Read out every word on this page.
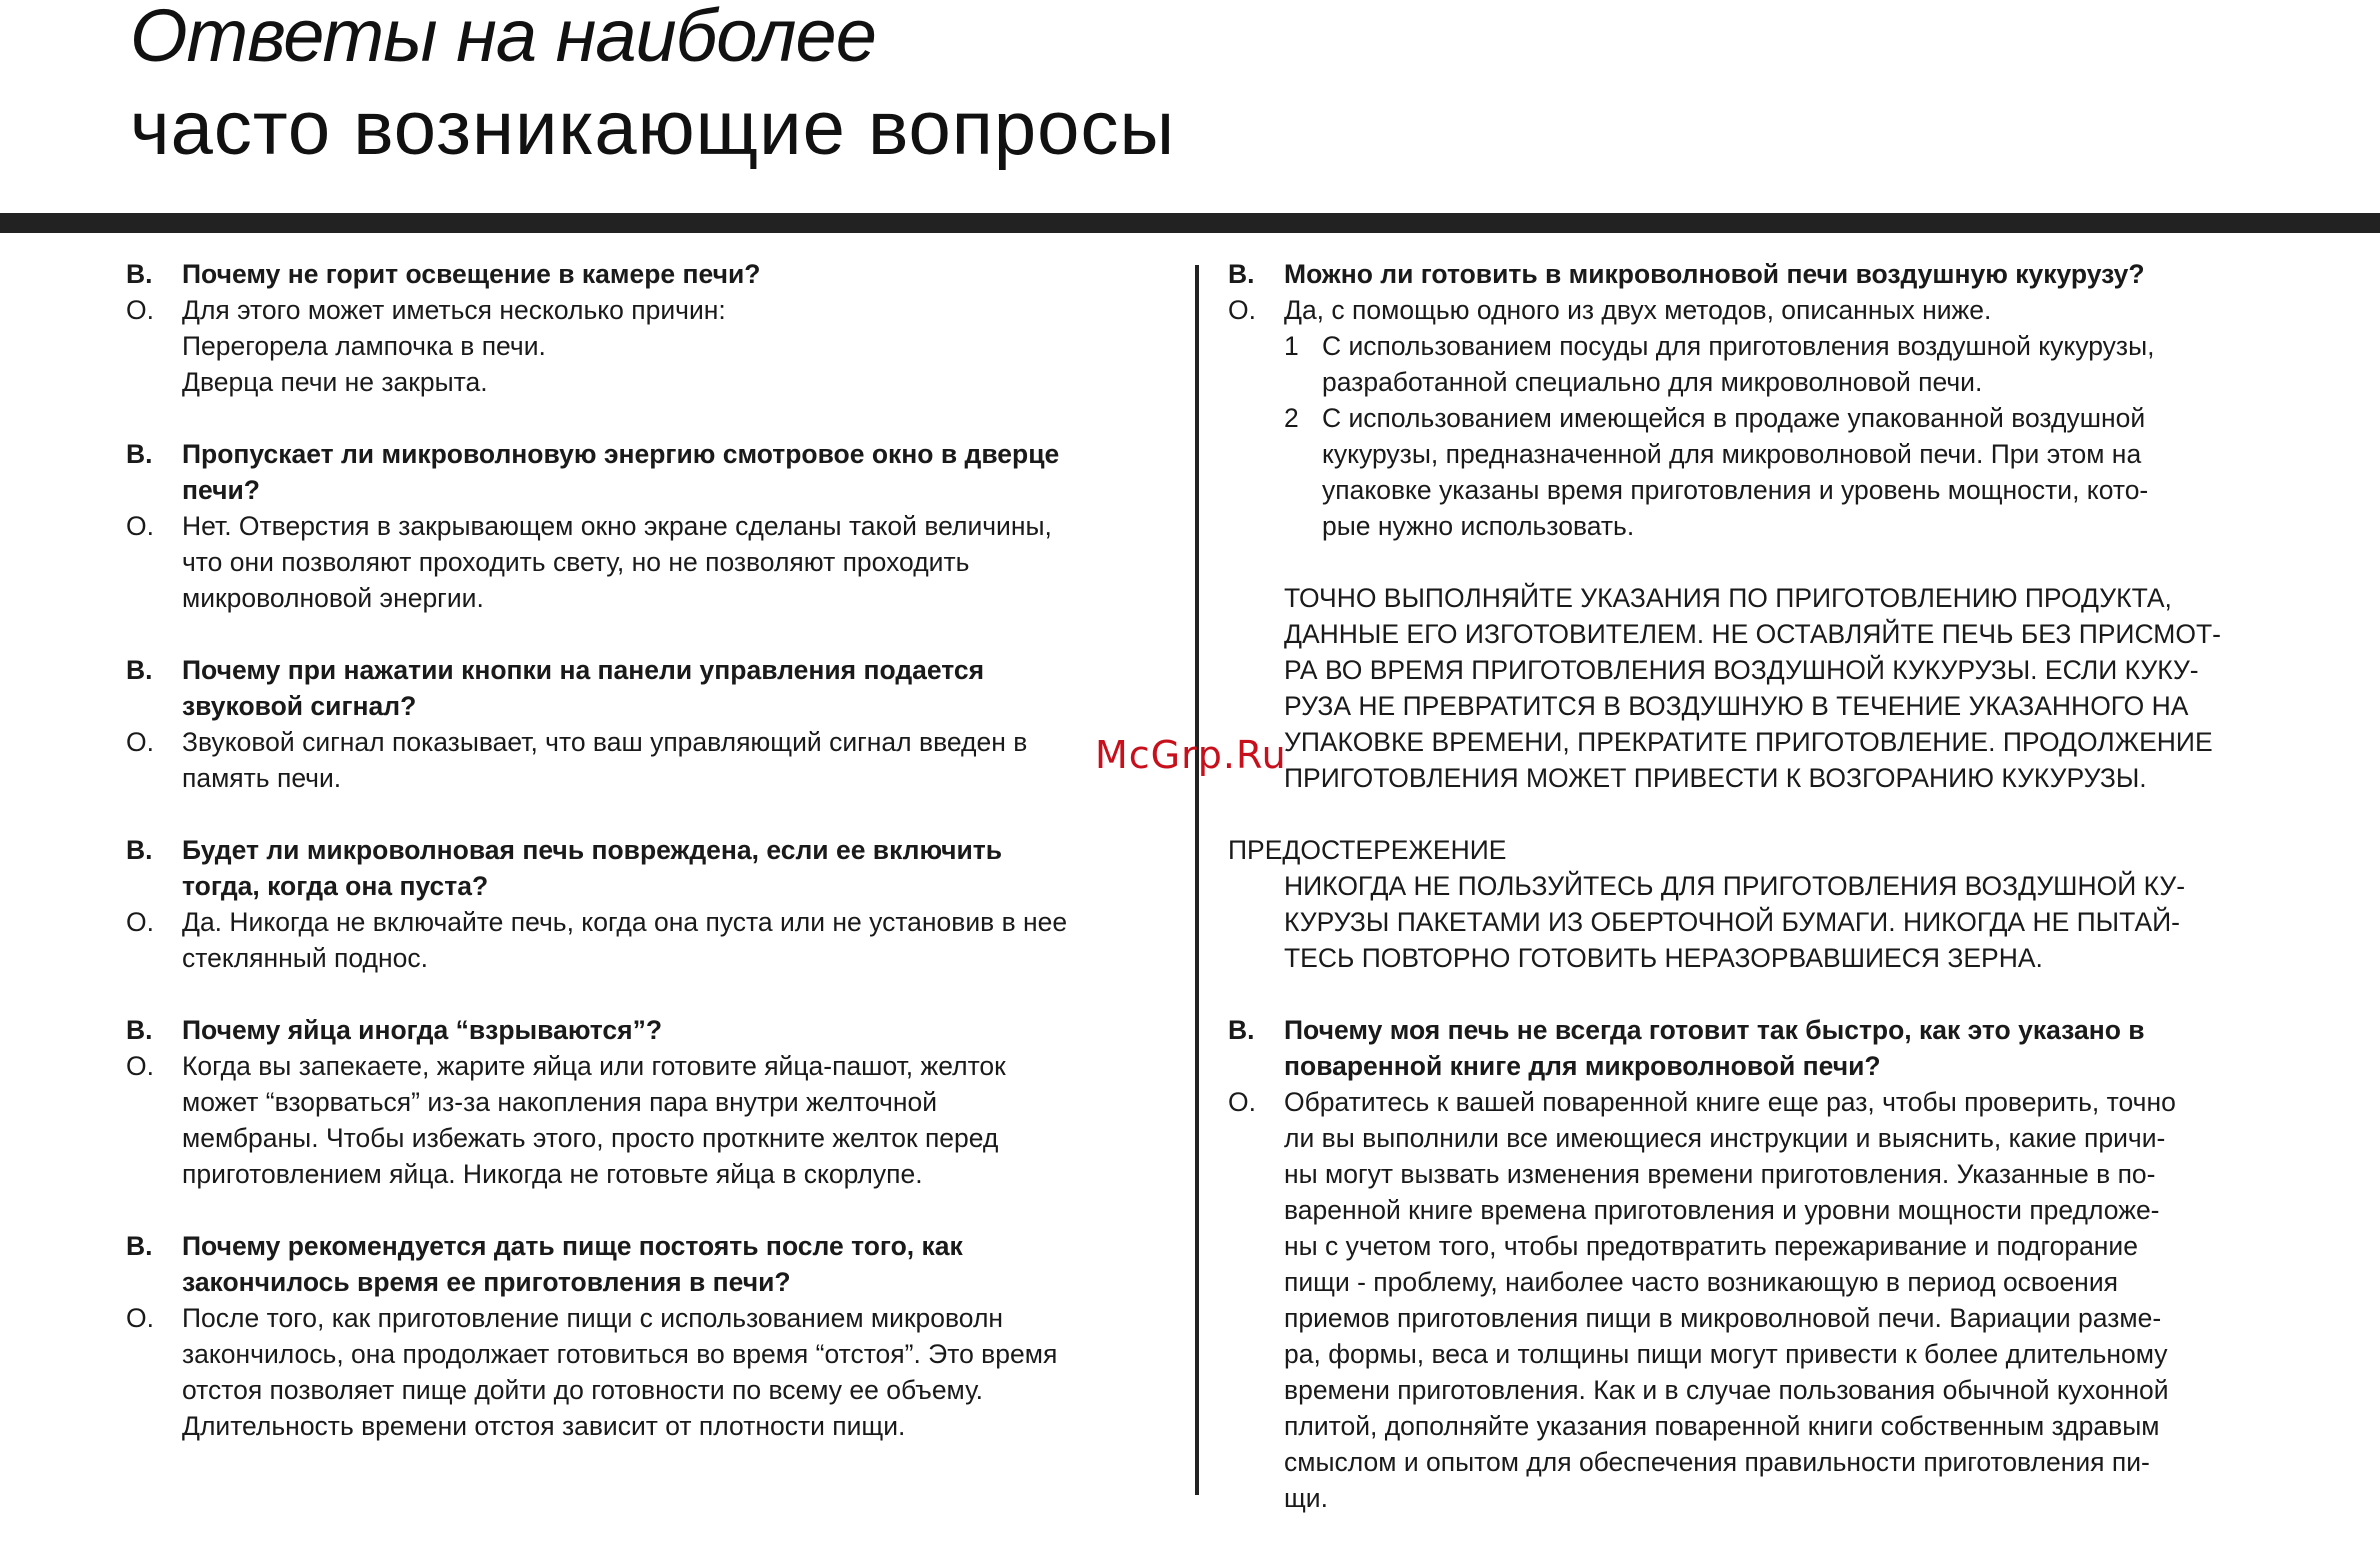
Ответы на наиболее
часто возникающие вопросы
B.	Почему не горит освещение в камере печи?
O.	Для этого может иметься несколько причин:
Перегорела лампочка в печи.
Дверца печи не закрыта.
B.	Пропускает ли микроволновую энергию смотровое окно в дверце
печи?
O.	Нет. Отверстия в закрывающем окно экране сделаны такой величины,
что они позволяют проходить свету, но не позволяют проходить
микроволновой энергии.
B.	Почему при нажатии кнопки на панели управления подается
звуковой сигнал?
O.	Звуковой сигнал показывает, что ваш управляющий сигнал введен в
память печи.
B.	Будет ли микроволновая печь повреждена, если ее включить
тогда, когда она пуста?
O.	Да. Никогда не включайте печь, когда она пуста или не установив в нее
стеклянный поднос.
B.	Почему яйца иногда “взрываются”?
O.	Когда вы запекаете, жарите яйца или готовите яйца-пашот, желток
может “взорваться” из-за накопления пара внутри желточной
мембраны. Чтобы избежать этого, просто проткните желток перед
приготовлением яйца. Никогда не готовьте яйца в скорлупе.
B.	Почему рекомендуется дать пище постоять после того, как
закончилось время ее приготовления в печи?
O.	После того, как приготовление пищи с использованием микроволн
закончилось, она продолжает готовиться во время “отстоя”. Это время
отстоя позволяет пище дойти до готовности по всему ее объему.
Длительность времени отстоя зависит от плотности пищи.
B.	Можно ли готовить в микроволновой печи воздушную кукурузу?
O.	Да, с помощью одного из двух методов, описанных ниже.
1 С использованием посуды для приготовления воздушной кукурузы,
разработанной специально для микроволновой печи.
2 С использованием имеющейся в продаже упакованной воздушной
кукурузы, предназначенной для микроволновой печи. При этом на
упаковке указаны время приготовления и уровень мощности, кото-
рые нужно использовать.
ТОЧНО ВЫПОЛНЯЙТЕ УКАЗАНИЯ ПО ПРИГОТОВЛЕНИЮ ПРОДУКТА,
ДАННЫЕ ЕГО ИЗГОТОВИТЕЛЕМ. НЕ ОСТАВЛЯЙТЕ ПЕЧЬ БЕЗ ПРИСМОТ-
РА ВО ВРЕМЯ ПРИГОТОВЛЕНИЯ ВОЗДУШНОЙ КУКУРУЗЫ. ЕСЛИ КУКУ-
РУЗА НЕ ПРЕВРАТИТСЯ В ВОЗДУШНУЮ В ТЕЧЕНИЕ УКАЗАННОГО НА
УПАКОВКЕ ВРЕМЕНИ, ПРЕКРАТИТЕ ПРИГОТОВЛЕНИЕ. ПРОДОЛЖЕНИЕ
ПРИГОТОВЛЕНИЯ МОЖЕТ ПРИВЕСТИ К ВОЗГОРАНИЮ КУКУРУЗЫ.
ПРЕДОСТЕРЕЖЕНИЕ
НИКОГДА НЕ ПОЛЬЗУЙТЕСЬ ДЛЯ ПРИГОТОВЛЕНИЯ ВОЗДУШНОЙ КУ-
КУРУЗЫ ПАКЕТАМИ ИЗ ОБЕРТОЧНОЙ БУМАГИ. НИКОГДА НЕ ПЫТАЙ-
ТЕСЬ ПОВТОРНО ГОТОВИТЬ НЕРАЗОРВАВШИЕСЯ ЗЕРНА.
B.	Почему моя печь не всегда готовит так быстро, как это указано в
поваренной книге для микроволновой печи?
O.	Обратитесь к вашей поваренной книге еще раз, чтобы проверить, точно
ли вы выполнили все имеющиеся инструкции и выяснить, какие причи-
ны могут вызвать изменения времени приготовления. Указанные в по-
варенной книге времена приготовления и уровни мощности предложе-
ны с учетом того, чтобы предотвратить пережаривание и подгорание
пищи - проблему, наиболее часто возникающую в период освоения
приемов приготовления пищи в микроволновой печи. Вариации разме-
ра, формы, веса и толщины пищи могут привести к более длительному
времени приготовления. Как и в случае пользования обычной кухонной
плитой, дополняйте указания поваренной книги собственным здравым
смыслом и опытом для обеспечения правильности приготовления пи-
щи.
McGrp.Ru
